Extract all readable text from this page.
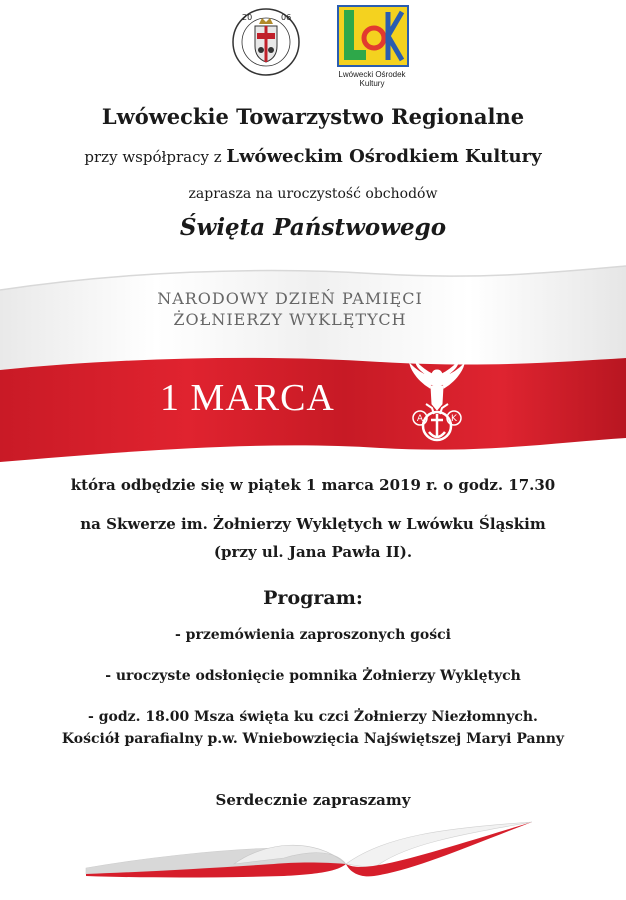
20	06
Lwówecki Ośrodek
Kultury
Lwóweckie Towarzystwo Regionalne
przy współpracy z Lwóweckim Ośrodkiem Kultury
zaprasza na uroczystość obchodów
Święta Państwowego
NARODOWY DZIEŃ PAMIĘCI
ŻOŁNIERZY WYKLĘTYCH
1 MARCA	A	K
która odbędzie się w piątek 1 marca 2019 r. o godz. 17.30
na Skwerze im. Żołnierzy Wyklętych w Lwówku Śląskim
(przy ul. Jana Pawła II).
Program:
- przemówienia zaproszonych gości
- uroczyste odsłonięcie pomnika Żołnierzy Wyklętych
- godz. 18.00 Msza święta ku czci Żołnierzy Niezłomnych.
Kościół parafialny p.w. Wniebowzięcia Najświętszej Maryi Panny
Serdecznie zapraszamy
